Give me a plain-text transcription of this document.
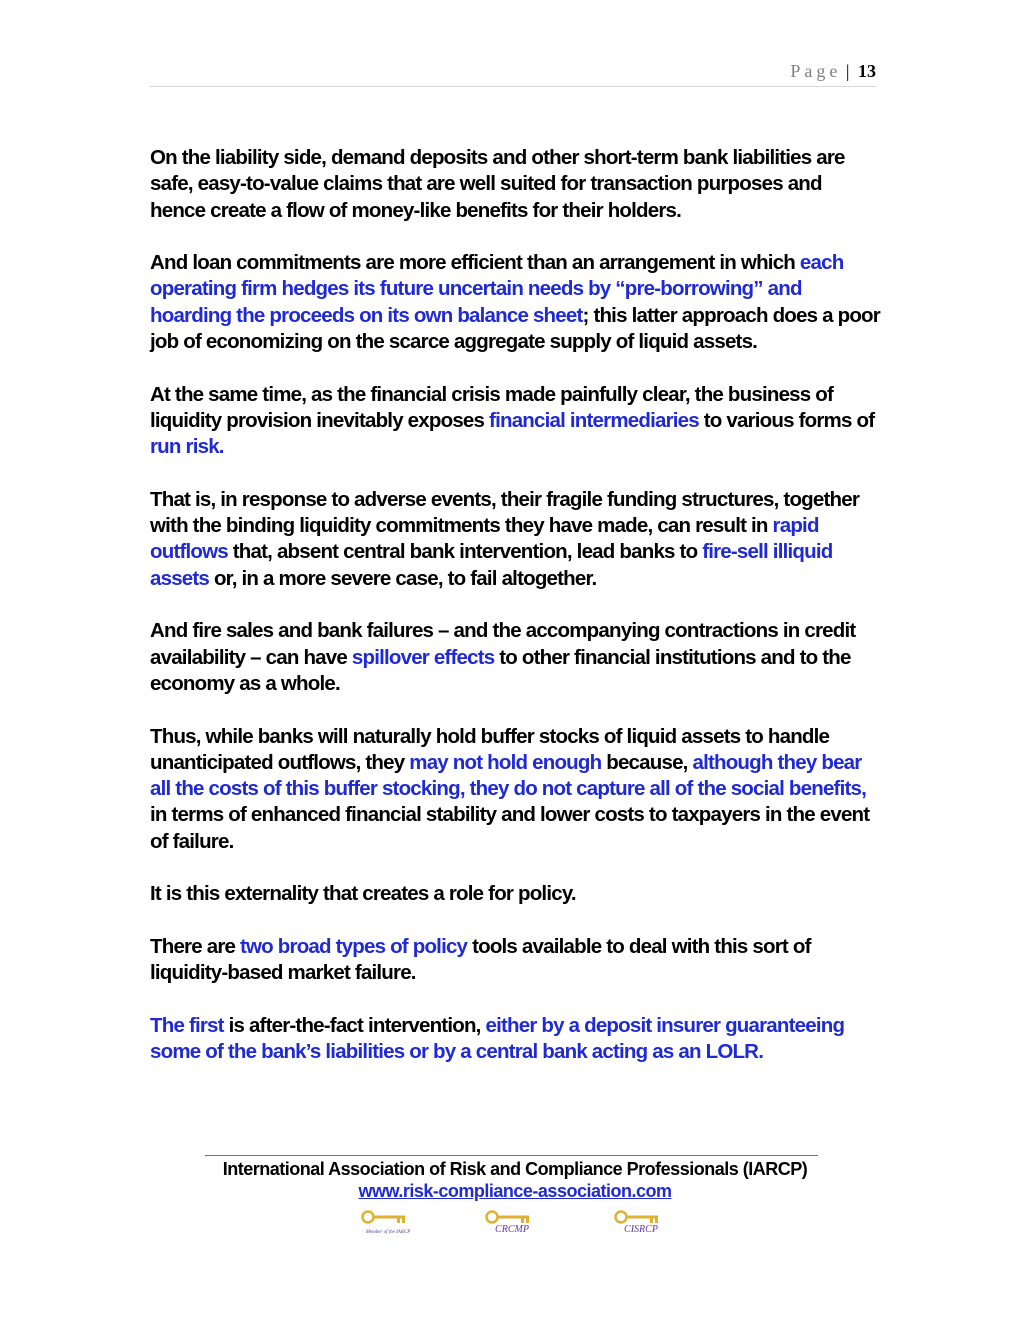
Page | 13

On the liability side, demand deposits and other short-term bank liabilities are safe, easy-to-value claims that are well suited for transaction purposes and hence create a flow of money-like benefits for their holders.

And loan commitments are more efficient than an arrangement in which each operating firm hedges its future uncertain needs by “pre-borrowing” and hoarding the proceeds on its own balance sheet; this latter approach does a poor job of economizing on the scarce aggregate supply of liquid assets.

At the same time, as the financial crisis made painfully clear, the business of liquidity provision inevitably exposes financial intermediaries to various forms of run risk.

That is, in response to adverse events, their fragile funding structures, together with the binding liquidity commitments they have made, can result in rapid outflows that, absent central bank intervention, lead banks to fire-sell illiquid assets or, in a more severe case, to fail altogether.

And fire sales and bank failures – and the accompanying contractions in credit availability – can have spillover effects to other financial institutions and to the economy as a whole.

Thus, while banks will naturally hold buffer stocks of liquid assets to handle unanticipated outflows, they may not hold enough because, although they bear all the costs of this buffer stocking, they do not capture all of the social benefits, in terms of enhanced financial stability and lower costs to taxpayers in the event of failure.

It is this externality that creates a role for policy.

There are two broad types of policy tools available to deal with this sort of liquidity-based market failure.

The first is after-the-fact intervention, either by a deposit insurer guaranteeing some of the bank’s liabilities or by a central bank acting as an LOLR.

International Association of Risk and Compliance Professionals (IARCP)
www.risk-compliance-association.com
Member of the IARCP	CRCMP	CISRCP
